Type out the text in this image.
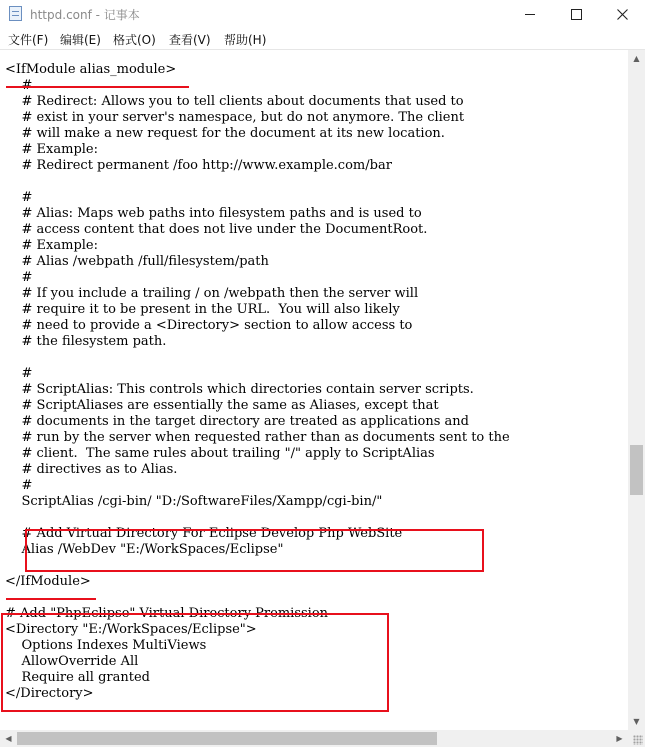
httpd.conf - 记事本
文件(F) 编辑(E) 格式(O) 查看(V) 帮助(H)
<IfModule alias_module>

# Redirect: Allows you to tell clients about documents that used to
# exist in your server's namespace, but do not anymore. The client
# will make a new request for the document at its new location.
# Example:
# Redirect permanent /foo http://www.example.com/bar

#
# Alias: Maps web paths into filesystem paths and is used to
# access content that does not live under the DocumentRoot.
# Example:
# Alias /webpath /full/filesystem/path
#
# If you include a trailing / on /webpath then the server will
# require it to be present in the URL.  You will also likely
# need to provide a <Directory> section to allow access to
# the filesystem path.

#
# ScriptAlias: This controls which directories contain server scripts.
# ScriptAliases are essentially the same as Aliases, except that
# documents in the target directory are treated as applications and
# run by the server when requested rather than as documents sent to the
# client.  The same rules about trailing "/" apply to ScriptAlias
# directives as to Alias.
#
ScriptAlias /cgi-bin/ "D:/SoftwareFiles/Xampp/cgi-bin/"

# Add Virtual Directory For Eclipse Develop Php WebSite
Alias /WebDev "E:/WorkSpaces/Eclipse"

</IfModule>

# Add "PhpEclipse" Virtual Directory Premission
<Directory "E:/WorkSpaces/Eclipse">
Options Indexes MultiViews
AllowOverride All
Require all granted
</Directory>
▲
▼
◀	▶
